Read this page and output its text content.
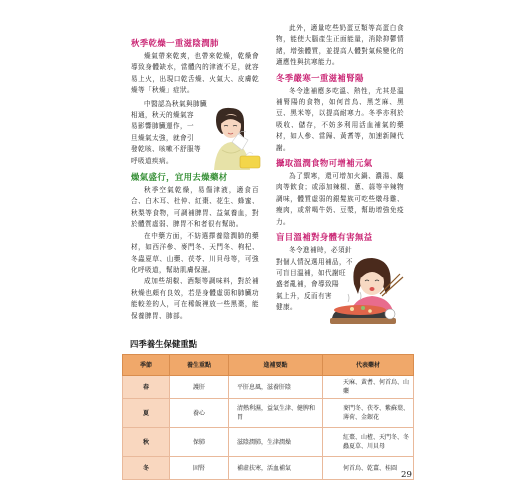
秋季乾燥一重滋陰潤肺

燥氣帶來乾爽，也帶來乾燥，乾燥會導致身體缺水，當體內的津液不足，就容易上火，出現口乾舌燥、火氣大、皮膚乾燥等「秋燥」症狀。

中醫認為秋氣與肺臟
相通，秋天的燥氣容
易影響肺臟運作，一
旦燥氣太強，就會引
發乾咳、咳嗽不舒服等
呼吸道疾病。
燥氣盛行，宜用去燥藥材

秋季空氣乾燥，易傷津液，適食百合、白木耳、杜仲、紅棗、花生、蜂蜜、秋梨等食物，可調補脾胃、益氣養血，對於體質虛弱、脾胃不和者很有幫助。

在中藥方面，不妨選擇養陰潤肺的藥材，如西洋參、麥門冬、天門冬、枸杞、冬蟲夏草、山藥、茯苓、川貝母等，可強化呼吸道，幫助肌膚保濕。

成加些胡椒、酒類等調味料，對於補秋燥也頗有良效，若是身體虛弱和肺臟功能較差的人，可在稀飯裡放一些黑棗，能保養脾胃、肺部。

此外，適量吃些奶蛋豆類等高蛋白食物，能使大腦產生正面能量，消除抑鬱情緒，增強體質，並提高人體對氣候變化的適應性與抗寒能力。

冬季嚴寒一重滋補腎陽

冬令進補應多吃溫、熱性，尤其是溫補腎陽的食物，如何首烏、黑芝麻、黑豆、黑米等，以提高耐寒力。冬季亦利於吸收、儲存，不妨多利用活血補氣的藥材，如人參、當歸、黃耆等，加速新陳代謝。

攝取溫潤食物可增補元氣

為了禦寒，還可增加火鍋、濃湯、麋肉等飲食；或添加辣椒、蔥、蒜等辛辣物調味，體質虛弱的銀髮族可吃些燉母雞、瘦肉，或常喝牛奶、豆漿，幫助增強免疫力。

盲目溫補對身體有害無益
冬令進補時，必須針
對個人情況選用補品，不
可盲目溫補，如代謝旺
盛者亂補，會導致陽
氣上升，反而有害
健康。
四季養生保健重點
季節	養生重點	進補要點	代表藥材
春	護肝	平肝息風，滋養肝陰	天麻、黃耆、何首烏、山藥
夏	養心	清熱利濕，益氣生津、健脾和胃	麥門冬、茯苓、紫蘇葉、薄荷、金銀花
秋	保肺	滋陰潤肺，生津潤燥	紅棗、山楂、天門冬、冬蟲夏草、川貝母
冬	固腎	補虛扶寒，活血補氣	何首烏、乾薑、桂圓
29
